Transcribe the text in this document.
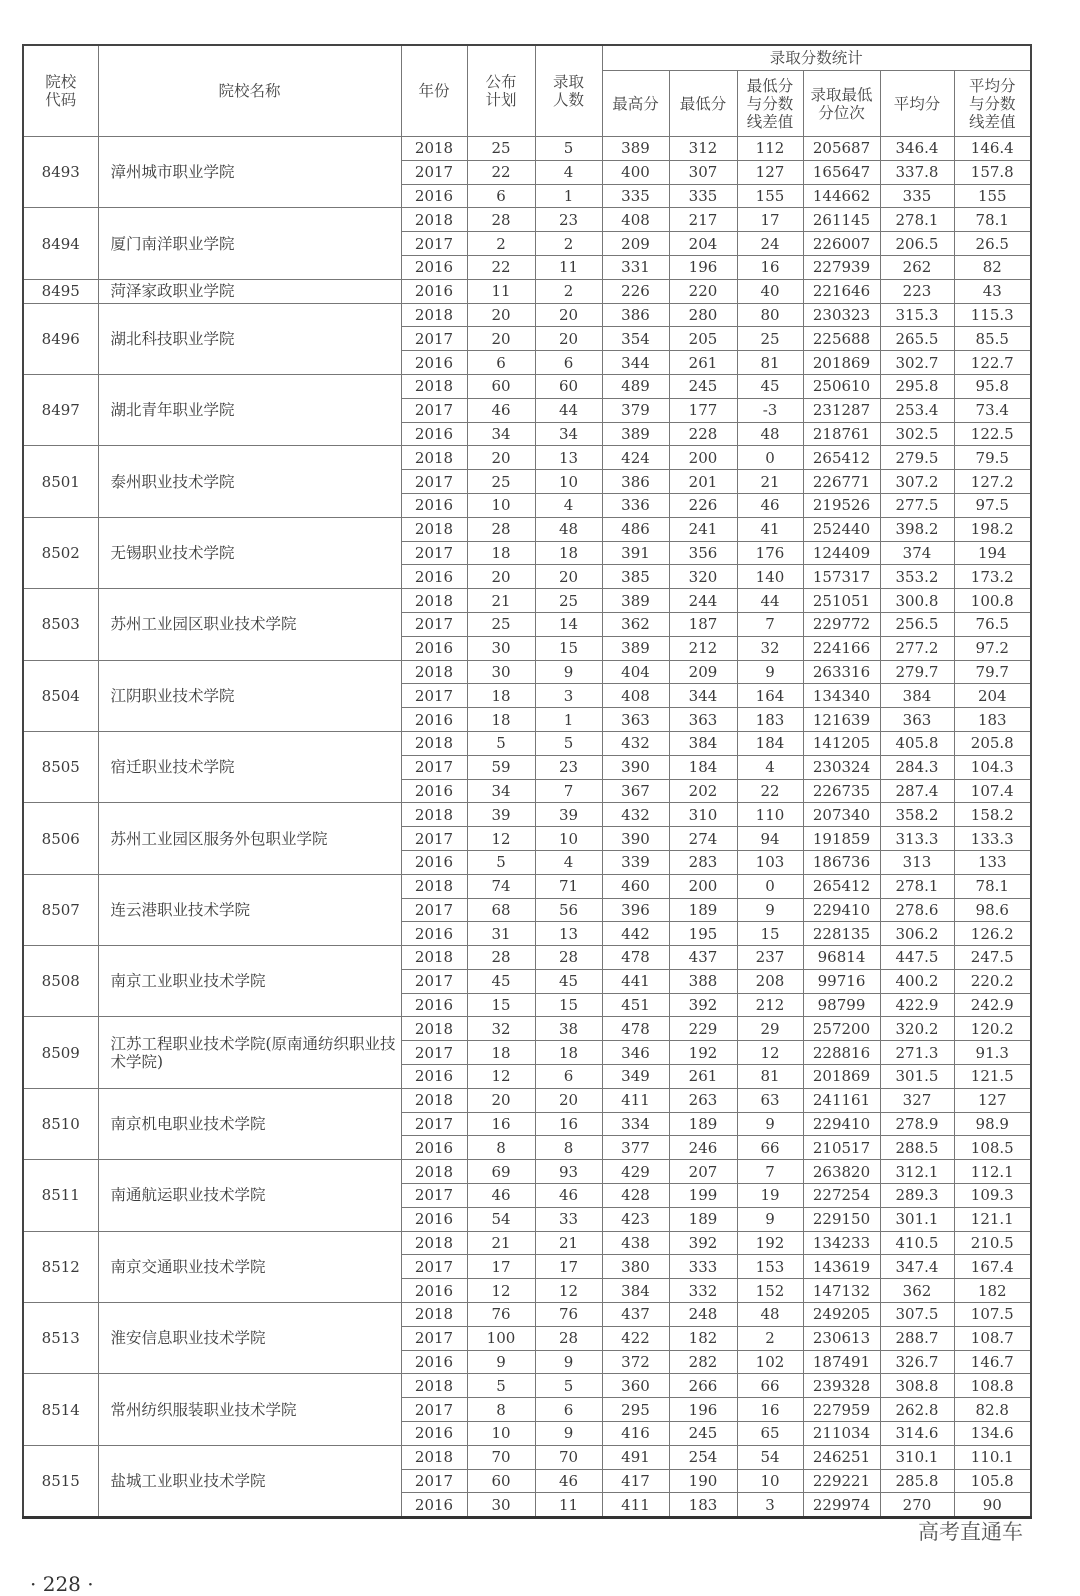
院校代码	院校名称	年份	公布计划	录取人数	录取分数统计					
					最高分	最低分	最低分与分数线差值	录取最低分位次	平均分	平均分与分数线差值

8493	漳州城市职业学院	2018	25	5	389	312	112	205687	346.4	146.4
		2017	22	4	400	307	127	165647	337.8	157.8
		2016	6	1	335	335	155	144662	335	155
8494	厦门南洋职业学院	2018	28	23	408	217	17	261145	278.1	78.1
		2017	2	2	209	204	24	226007	206.5	26.5
		2016	22	11	331	196	16	227939	262	82
8495	菏泽家政职业学院	2016	11	2	226	220	40	221646	223	43
8496	湖北科技职业学院	2018	20	20	386	280	80	230323	315.3	115.3
		2017	20	20	354	205	25	225688	265.5	85.5
		2016	6	6	344	261	81	201869	302.7	122.7
8497	湖北青年职业学院	2018	60	60	489	245	45	250610	295.8	95.8
		2017	46	44	379	177	-3	231287	253.4	73.4
		2016	34	34	389	228	48	218761	302.5	122.5
8501	泰州职业技术学院	2018	20	13	424	200	0	265412	279.5	79.5
		2017	25	10	386	201	21	226771	307.2	127.2
		2016	10	4	336	226	46	219526	277.5	97.5
8502	无锡职业技术学院	2018	28	48	486	241	41	252440	398.2	198.2
		2017	18	18	391	356	176	124409	374	194
		2016	20	20	385	320	140	157317	353.2	173.2
8503	苏州工业园区职业技术学院	2018	21	25	389	244	44	251051	300.8	100.8
		2017	25	14	362	187	7	229772	256.5	76.5
		2016	30	15	389	212	32	224166	277.2	97.2
8504	江阴职业技术学院	2018	30	9	404	209	9	263316	279.7	79.7
		2017	18	3	408	344	164	134340	384	204
		2016	18	1	363	363	183	121639	363	183
8505	宿迁职业技术学院	2018	5	5	432	384	184	141205	405.8	205.8
		2017	59	23	390	184	4	230324	284.3	104.3
		2016	34	7	367	202	22	226735	287.4	107.4
8506	苏州工业园区服务外包职业学院	2018	39	39	432	310	110	207340	358.2	158.2
		2017	12	10	390	274	94	191859	313.3	133.3
		2016	5	4	339	283	103	186736	313	133
8507	连云港职业技术学院	2018	74	71	460	200	0	265412	278.1	78.1
		2017	68	56	396	189	9	229410	278.6	98.6
		2016	31	13	442	195	15	228135	306.2	126.2
8508	南京工业职业技术学院	2018	28	28	478	437	237	96814	447.5	247.5
		2017	45	45	441	388	208	99716	400.2	220.2
		2016	15	15	451	392	212	98799	422.9	242.9
8509	江苏工程职业技术学院(原南通纺织职业技术学院)	2018	32	38	478	229	29	257200	320.2	120.2
		2017	18	18	346	192	12	228816	271.3	91.3
		2016	12	6	349	261	81	201869	301.5	121.5
8510	南京机电职业技术学院	2018	20	20	411	263	63	241161	327	127
		2017	16	16	334	189	9	229410	278.9	98.9
		2016	8	8	377	246	66	210517	288.5	108.5
8511	南通航运职业技术学院	2018	69	93	429	207	7	263820	312.1	112.1
		2017	46	46	428	199	19	227254	289.3	109.3
		2016	54	33	423	189	9	229150	301.1	121.1
8512	南京交通职业技术学院	2018	21	21	438	392	192	134233	410.5	210.5
		2017	17	17	380	333	153	143619	347.4	167.4
		2016	12	12	384	332	152	147132	362	182
8513	淮安信息职业技术学院	2018	76	76	437	248	48	249205	307.5	107.5
		2017	100	28	422	182	2	230613	288.7	108.7
		2016	9	9	372	282	102	187491	326.7	146.7
8514	常州纺织服装职业技术学院	2018	5	5	360	266	66	239328	308.8	108.8
		2017	8	6	295	196	16	227959	262.8	82.8
		2016	10	9	416	245	65	211034	314.6	134.6
8515	盐城工业职业技术学院	2018	70	70	491	254	54	246251	310.1	110.1
		2017	60	46	417	190	10	229221	285.8	105.8
		2016	30	11	411	183	3	229974	270	90
高考直通车
· 228 ·
